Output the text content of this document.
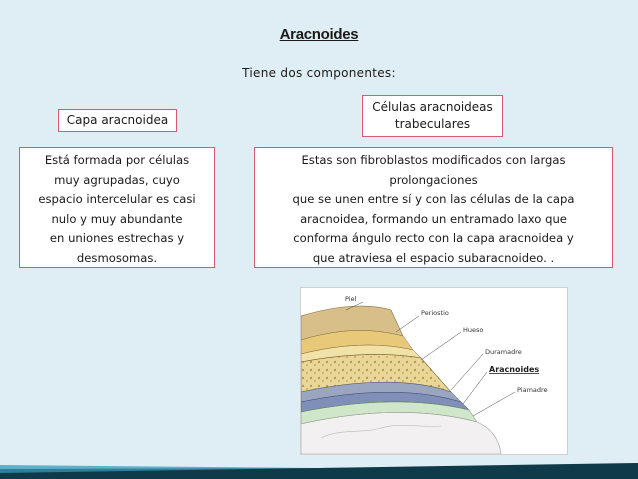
Aracnoides
Tiene dos componentes:
Capa aracnoidea
Células aracnoideas
trabeculares
Está formada por células
muy agrupadas, cuyo
espacio intercelular es casi
nulo y muy abundante
en uniones estrechas y
desmosomas.
Estas son fibroblastos modificados con largas
prolongaciones
que se unen entre sí y con las células de la capa
aracnoidea, formando un entramado laxo que
conforma ángulo recto con la capa aracnoidea y
que atraviesa el espacio subaracnoideo. .
Piel
Periostio
Hueso
Duramadre
Aracnoides
Piamadre
